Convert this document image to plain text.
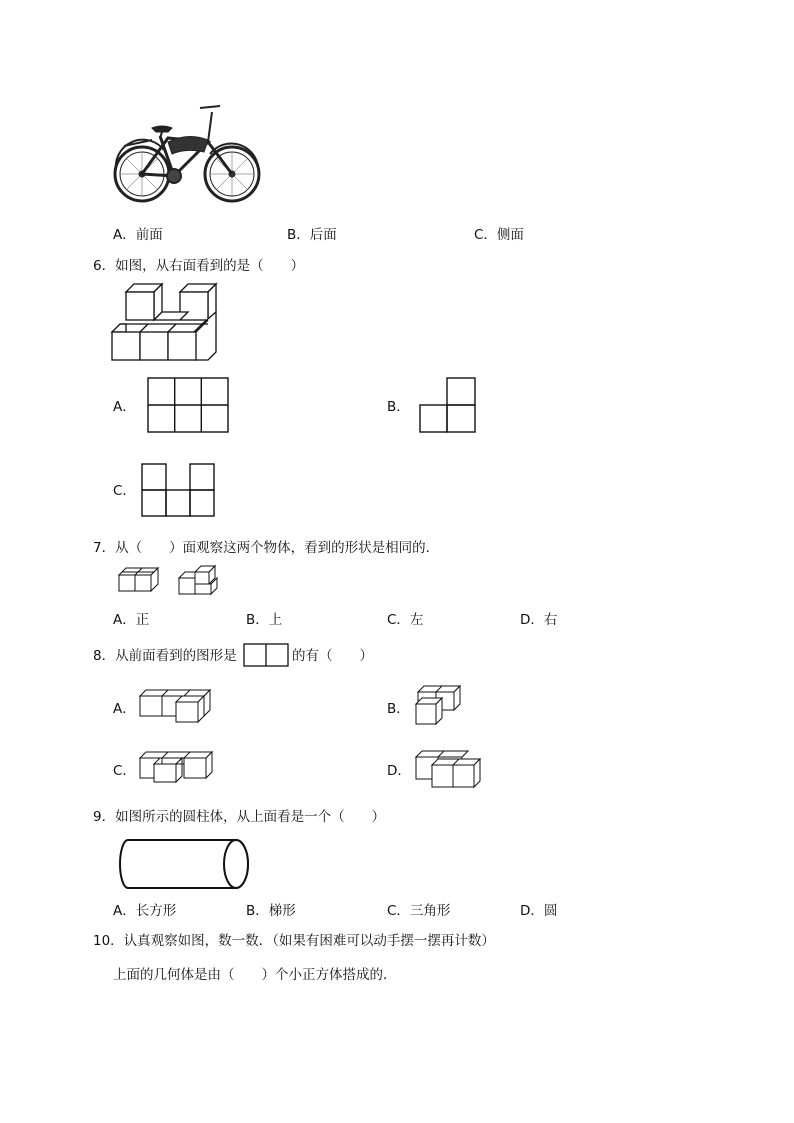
A．前面	B．后面	C．侧面
6．如图，从右面看到的是（　　）
A．	B．
C．
7．从（　　）面观察这两个物体，看到的形状是相同的．
A．正	B．上	C．左	D．右
8．从前面看到的图形是	的有（　　）
A．	B．
C．	D．
9．如图所示的圆柱体，从上面看是一个（　　）
A．长方形	B．梯形	C．三角形	D．圆
10．认真观察如图，数一数．（如果有困难可以动手摆一摆再计数）
上面的几何体是由（　　）个小正方体搭成的．
